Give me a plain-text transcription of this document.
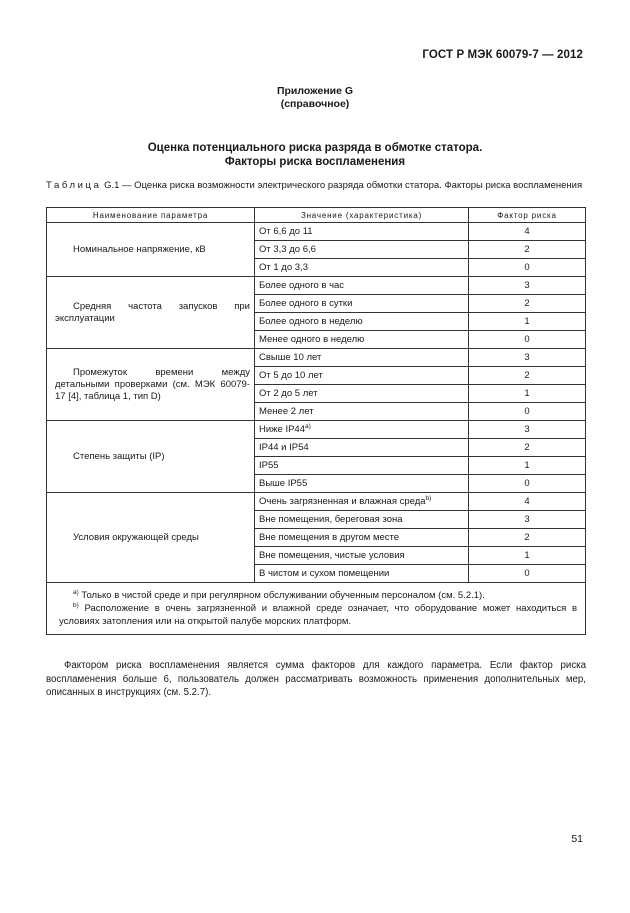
ГОСТ Р МЭК 60079-7 — 2012
Приложение G
(справочное)
Оценка потенциального риска разряда в обмотке статора.
Факторы риска воспламенения
Таблица G.1 — Оценка риска возможности электрического разряда обмотки статора. Факторы риска воспламенения
Наименование параметра	Значение (характеристика)	Фактор риска

Номинальное напряжение, кВ	От 6,6 до 11	4
	От 3,3 до 6,6	2
	От 1 до 3,3	0

Средняя частота запусков при эксплуатации	Более одного в час	3
	Более одного в сутки	2
	Более одного в неделю	1
	Менее одного в неделю	0

Промежуток времени между детальными проверками (см. МЭК 60079-17 [4], таблица 1, тип D)	Свыше 10 лет	3
	От 5 до 10 лет	2
	От 2 до 5 лет	1
	Менее 2 лет	0

Степень защиты (IP)	Ниже IP44$^{a)}$	3
	IP44 и IP54	2
	IP55	1
	Выше IP55	0

Условия окружающей среды	Очень загрязненная и влажная среда$^{b)}$	4
	Вне помещения, береговая зона	3
	Вне помещения в другом месте	2
	Вне помещения, чистые условия	1
	В чистом и сухом помещении	0

$^{a)}$ Только в чистой среде и при регулярном обслуживании обученным персоналом (см. 5.2.1).
$^{b)}$ Расположение в очень загрязненной и влажной среде означает, что оборудование может находиться в условиях затопления или на открытой палубе морских платформ.		
Фактором риска воспламенения является сумма факторов для каждого параметра. Если фактор риска воспламенения больше 6, пользователь должен рассматривать возможность применения дополнительных мер, описанных в инструкциях (см. 5.2.7).
51
